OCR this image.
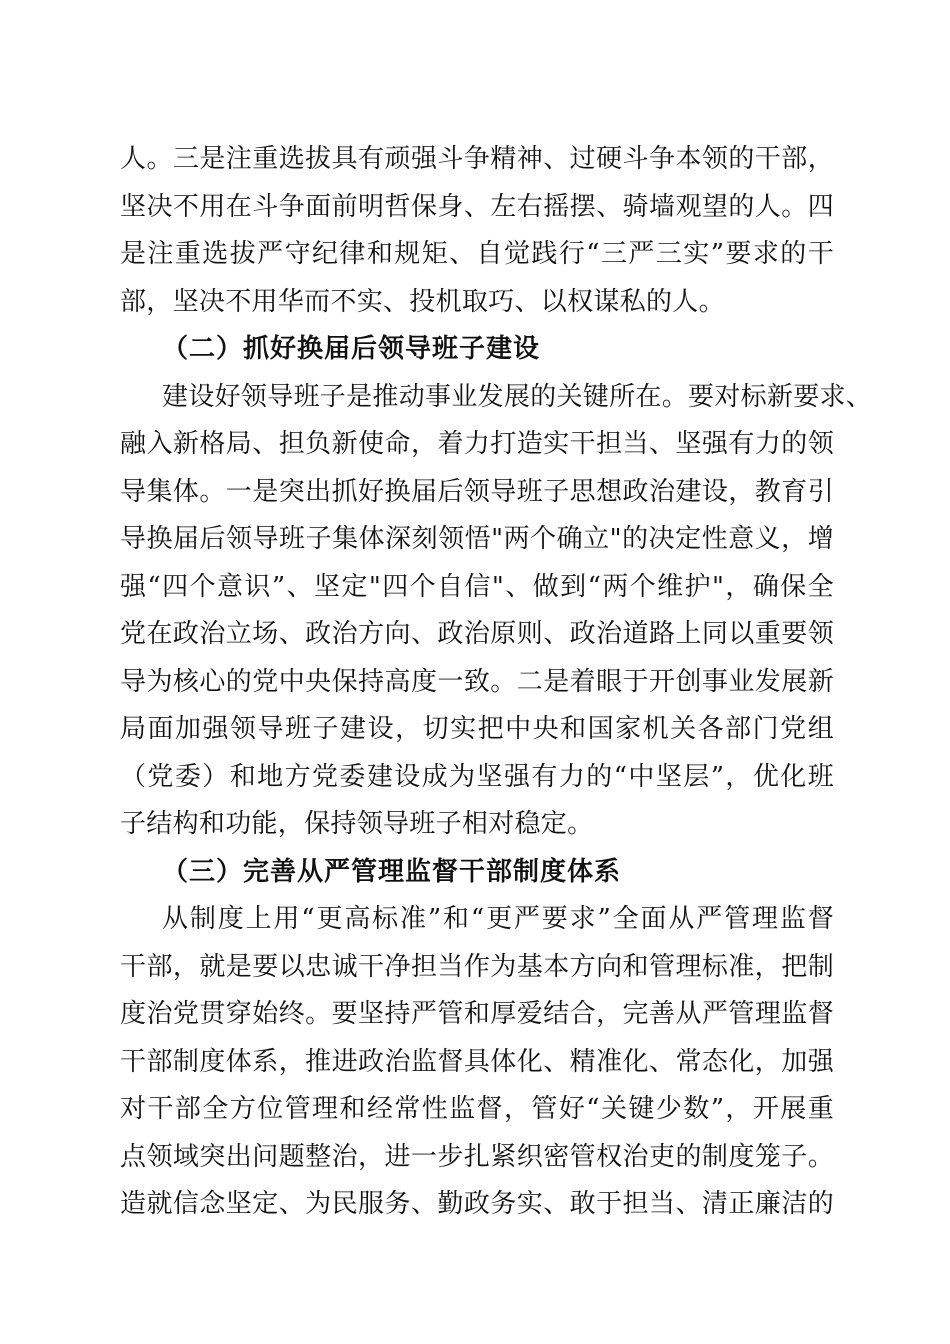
人。三是注重选拔具有顽强斗争精神、过硬斗争本领的干部，
坚决不用在斗争面前明哲保身、左右摇摆、骑墙观望的人。四
是注重选拔严守纪律和规矩、自觉践行“三严三实”要求的干
部，坚决不用华而不实、投机取巧、以权谋私的人。
（二）抓好换届后领导班子建设
建设好领导班子是推动事业发展的关键所在。要对标新要求、
融入新格局、担负新使命，着力打造实干担当、坚强有力的领
导集体。一是突出抓好换届后领导班子思想政治建设，教育引
导换届后领导班子集体深刻领悟"两个确立"的决定性意义，增
强“四个意识”、坚定"四个自信"、做到“两个维护"，确保全
党在政治立场、政治方向、政治原则、政治道路上同以重要领
导为核心的党中央保持高度一致。二是着眼于开创事业发展新
局面加强领导班子建设，切实把中央和国家机关各部门党组
（党委）和地方党委建设成为坚强有力的“中坚层”，优化班
子结构和功能，保持领导班子相对稳定。
（三）完善从严管理监督干部制度体系
从制度上用“更高标准”和“更严要求”全面从严管理监督
干部，就是要以忠诚干净担当作为基本方向和管理标准，把制
度治党贯穿始终。要坚持严管和厚爱结合，完善从严管理监督
干部制度体系，推进政治监督具体化、精准化、常态化，加强
对干部全方位管理和经常性监督，管好“关键少数”，开展重
点领域突出问题整治，进一步扎紧织密管权治吏的制度笼子。
造就信念坚定、为民服务、勤政务实、敢于担当、清正廉洁的
